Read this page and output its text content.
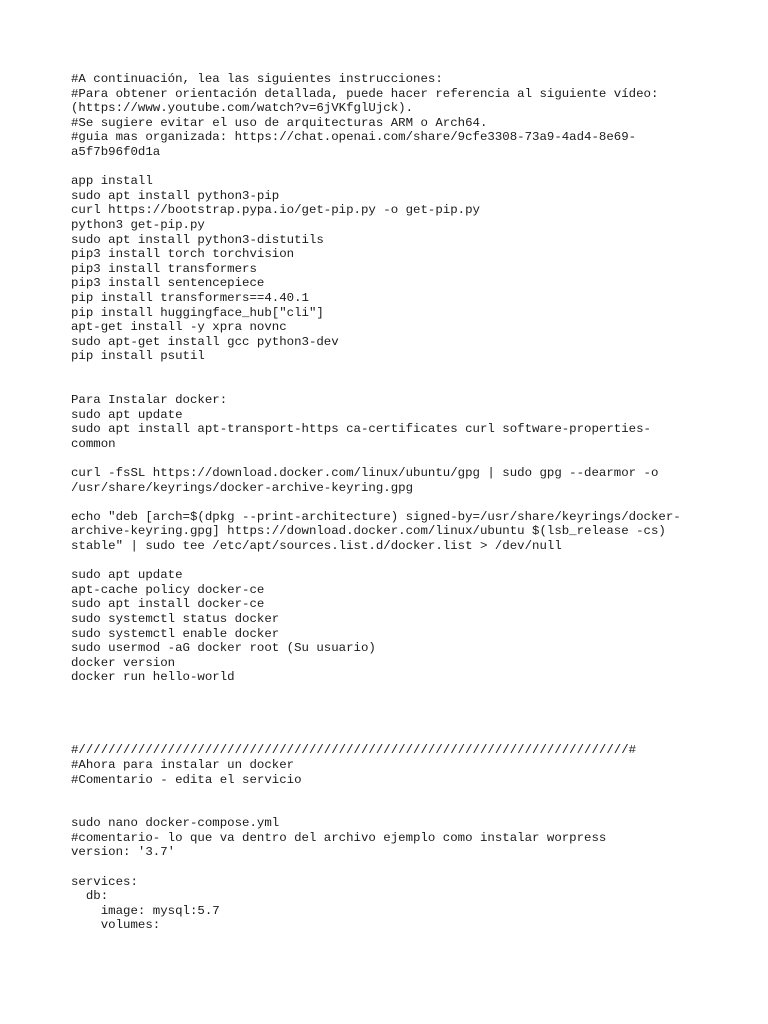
#A continuación, lea las siguientes instrucciones:
#Para obtener orientación detallada, puede hacer referencia al siguiente vídeo:
(https://www.youtube.com/watch?v=6jVKfglUjck).
#Se sugiere evitar el uso de arquitecturas ARM o Arch64.
#guia mas organizada: https://chat.openai.com/share/9cfe3308-73a9-4ad4-8e69-
a5f7b96f0d1a
app install
sudo apt install python3-pip
curl https://bootstrap.pypa.io/get-pip.py -o get-pip.py
python3 get-pip.py
sudo apt install python3-distutils
pip3 install torch torchvision
pip3 install transformers
pip3 install sentencepiece
pip install transformers==4.40.1
pip install huggingface_hub["cli"]
apt-get install -y xpra novnc
sudo apt-get install gcc python3-dev
pip install psutil
Para Instalar docker:
sudo apt update
sudo apt install apt-transport-https ca-certificates curl software-properties-
common
curl -fsSL https://download.docker.com/linux/ubuntu/gpg | sudo gpg --dearmor -o
/usr/share/keyrings/docker-archive-keyring.gpg
echo "deb [arch=$(dpkg --print-architecture) signed-by=/usr/share/keyrings/docker-
archive-keyring.gpg] https://download.docker.com/linux/ubuntu $(lsb_release -cs)
stable" | sudo tee /etc/apt/sources.list.d/docker.list > /dev/null
sudo apt update
apt-cache policy docker-ce
sudo apt install docker-ce
sudo systemctl status docker
sudo systemctl enable docker
sudo usermod -aG docker root (Su usuario)
docker version
docker run hello-world
#//////////////////////////////////////////////////////////////////////////#
#Ahora para instalar un docker
#Comentario - edita el servicio
sudo nano docker-compose.yml
#comentario- lo que va dentro del archivo ejemplo como instalar worpress
version: '3.7'
services:
db:
image: mysql:5.7
volumes:
